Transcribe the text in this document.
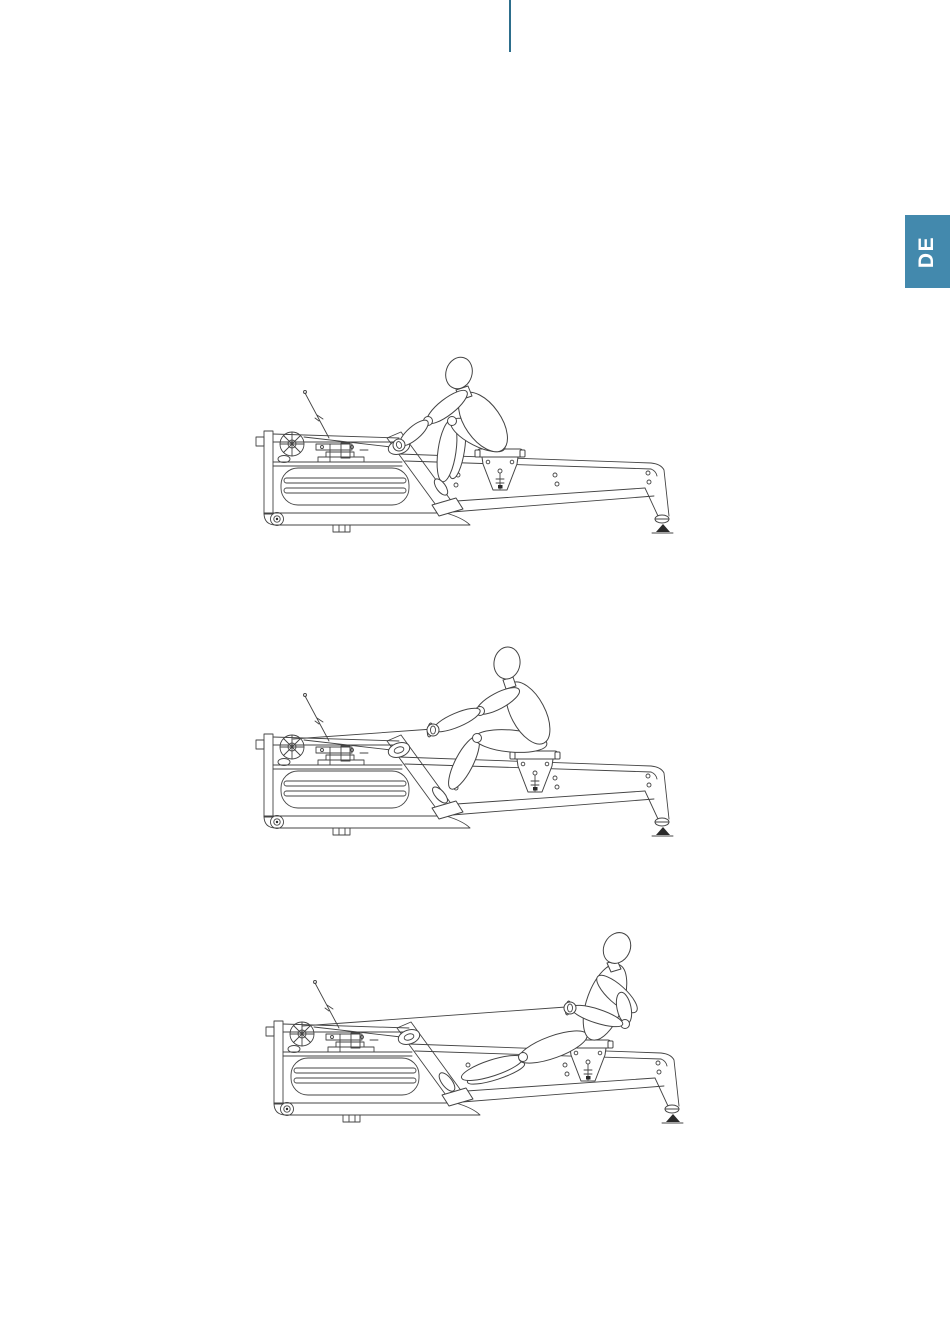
DE
